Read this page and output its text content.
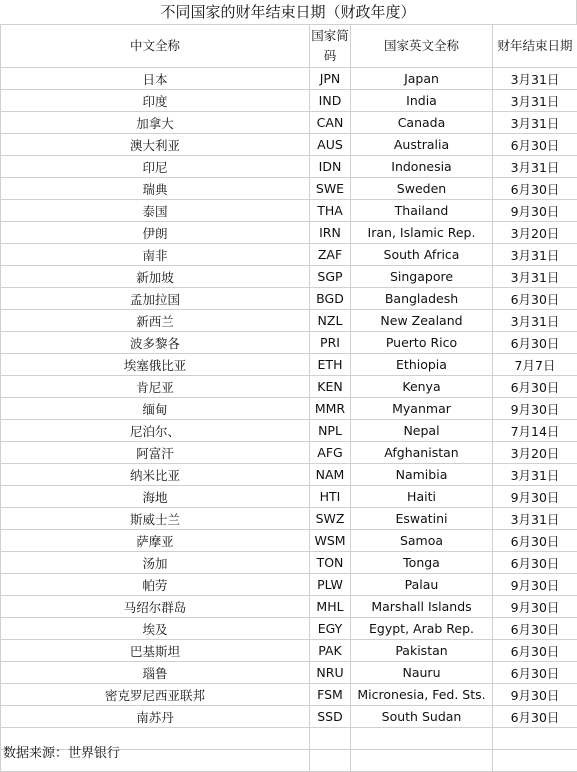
不同国家的财年结束日期（财政年度）
中文全称	国家简码	国家英文全称	财年结束日期
日本	JPN	Japan	3月31日
印度	IND	India	3月31日
加拿大	CAN	Canada	3月31日
澳大利亚	AUS	Australia	6月30日
印尼	IDN	Indonesia	3月31日
瑞典	SWE	Sweden	6月30日
泰国	THA	Thailand	9月30日
伊朗	IRN	Iran, Islamic Rep.	3月20日
南非	ZAF	South Africa	3月31日
新加坡	SGP	Singapore	3月31日
孟加拉国	BGD	Bangladesh	6月30日
新西兰	NZL	New Zealand	3月31日
波多黎各	PRI	Puerto Rico	6月30日
埃塞俄比亚	ETH	Ethiopia	7月7日
肯尼亚	KEN	Kenya	6月30日
缅甸	MMR	Myanmar	9月30日
尼泊尔、	NPL	Nepal	7月14日
阿富汗	AFG	Afghanistan	3月20日
纳米比亚	NAM	Namibia	3月31日
海地	HTI	Haiti	9月30日
斯威士兰	SWZ	Eswatini	3月31日
萨摩亚	WSM	Samoa	6月30日
汤加	TON	Tonga	6月30日
帕劳	PLW	Palau	9月30日
马绍尔群岛	MHL	Marshall Islands	9月30日
埃及	EGY	Egypt, Arab Rep.	6月30日
巴基斯坦	PAK	Pakistan	6月30日
瑙鲁	NRU	Nauru	6月30日
密克罗尼西亚联邦	FSM	Micronesia, Fed. Sts.	9月30日
南苏丹	SSD	South Sudan	6月30日

数据来源：世界银行
